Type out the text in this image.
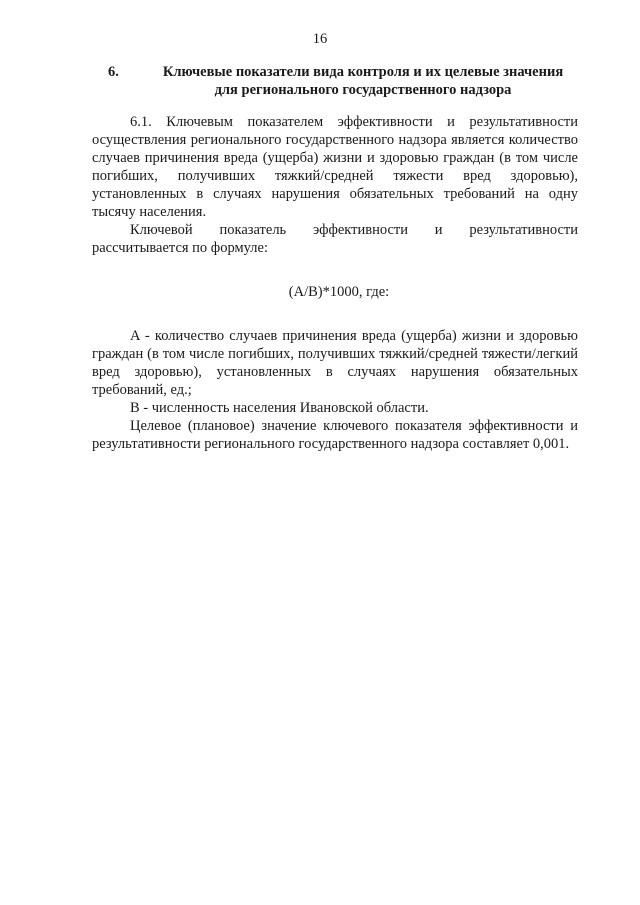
16
6.	Ключевые показатели вида контроля и их целевые значения
для регионального государственного надзора

6.1. Ключевым показателем эффективности и результативности осуществления регионального государственного надзора является количество случаев причинения вреда (ущерба) жизни и здоровью граждан (в том числе погибших, получивших тяжкий/средней тяжести вред здоровью), установленных в случаях нарушения обязательных требований на одну тысячу населения.

Ключевой показатель эффективности и результативности рассчитывается по формуле:

(A/B)*1000, где:

A - количество случаев причинения вреда (ущерба) жизни и здоровью граждан (в том числе погибших, получивших тяжкий/средней тяжести/легкий вред здоровью), установленных в случаях нарушения обязательных требований, ед.;

B - численность населения Ивановской области.

Целевое (плановое) значение ключевого показателя эффективности и результативности регионального государственного надзора составляет 0,001.
